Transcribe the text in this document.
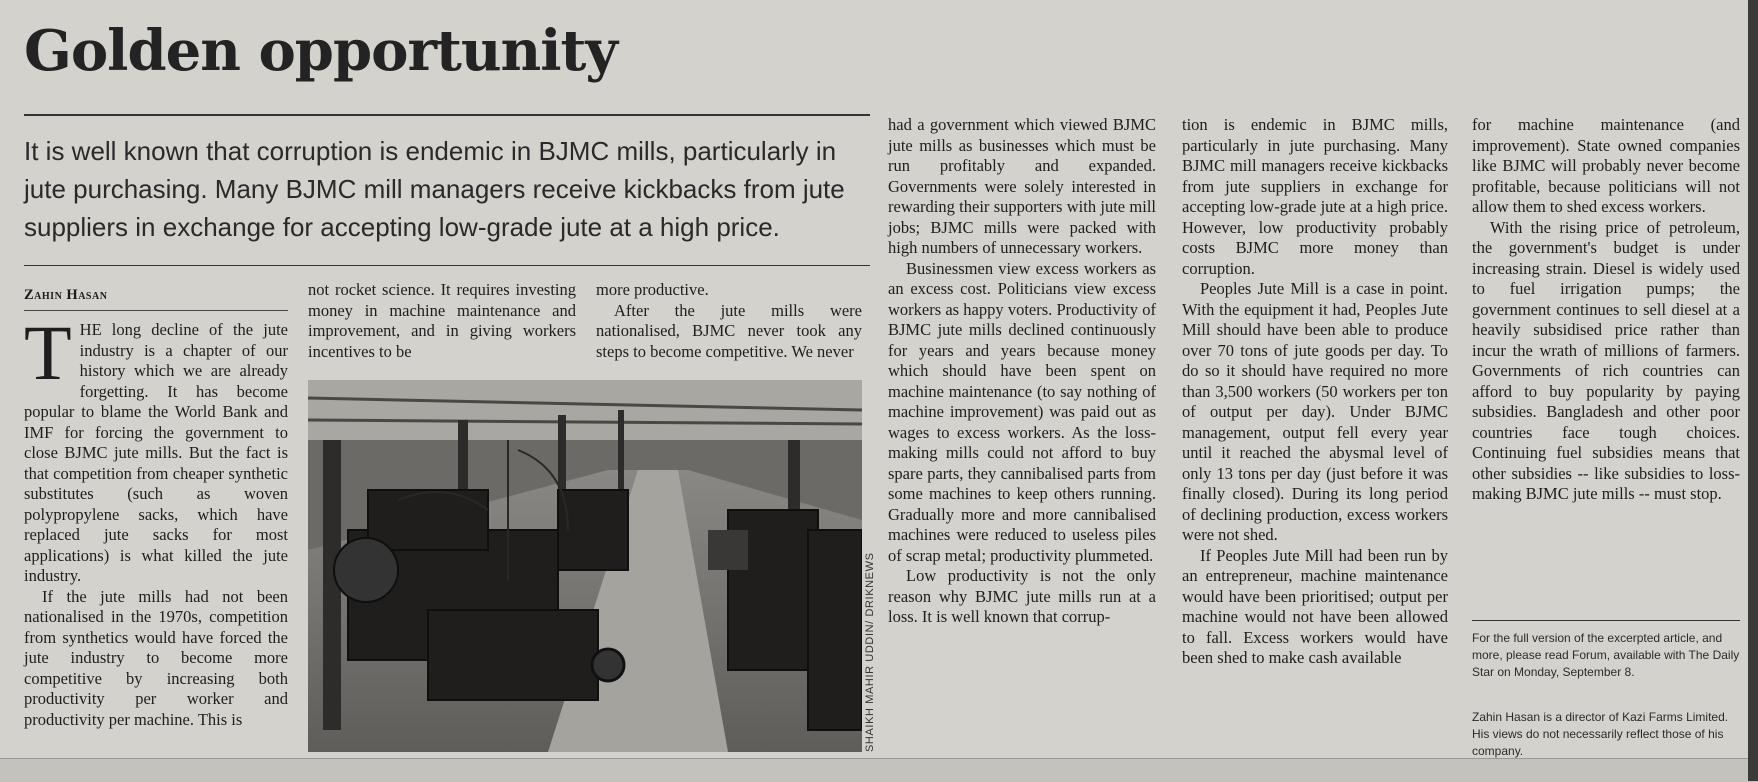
Golden opportunity

It is well known that corruption is endemic in BJMC mills, particularly in jute purchasing. Many BJMC mill managers receive kickbacks from jute suppliers in exchange for accepting low-grade jute at a high price.

Zahin Hasan

THE long decline of the jute industry is a chapter of our history which we are already forgetting. It has become popular to blame the World Bank and IMF for forcing the government to close BJMC jute mills. But the fact is that competition from cheaper synthetic substitutes (such as woven polypropylene sacks, which have replaced jute sacks for most applications) is what killed the jute industry.

If the jute mills had not been nationalised in the 1970s, competition from synthetics would have forced the jute industry to become more competitive by increasing both productivity per worker and productivity per machine. This is

not rocket science. It requires investing money in machine maintenance and improvement, and in giving workers incentives to be

more productive.

After the jute mills were nationalised, BJMC never took any steps to become competitive. We never

SHAIKH MAHIR UDDIN/ DRIKNEWS

had a government which viewed BJMC jute mills as businesses which must be run profitably and expanded. Governments were solely interested in rewarding their supporters with jute mill jobs; BJMC mills were packed with high numbers of unnecessary workers.

Businessmen view excess workers as an excess cost. Politicians view excess workers as happy voters. Productivity of BJMC jute mills declined continuously for years and years because money which should have been spent on machine maintenance (to say nothing of machine improvement) was paid out as wages to excess workers. As the loss-making mills could not afford to buy spare parts, they cannibalised parts from some machines to keep others running. Gradually more and more cannibalised machines were reduced to useless piles of scrap metal; productivity plummeted.

Low productivity is not the only reason why BJMC jute mills run at a loss. It is well known that corrup-

tion is endemic in BJMC mills, particularly in jute purchasing. Many BJMC mill managers receive kickbacks from jute suppliers in exchange for accepting low-grade jute at a high price. However, low productivity probably costs BJMC more money than corruption.

Peoples Jute Mill is a case in point. With the equipment it had, Peoples Jute Mill should have been able to produce over 70 tons of jute goods per day. To do so it should have required no more than 3,500 workers (50 workers per ton of output per day). Under BJMC management, output fell every year until it reached the abysmal level of only 13 tons per day (just before it was finally closed). During its long period of declining production, excess workers were not shed.

If Peoples Jute Mill had been run by an entrepreneur, machine maintenance would have been prioritised; output per machine would not have been allowed to fall. Excess workers would have been shed to make cash available

for machine maintenance (and improvement). State owned companies like BJMC will probably never become profitable, because politicians will not allow them to shed excess workers.

With the rising price of petroleum, the government's budget is under increasing strain. Diesel is widely used to fuel irrigation pumps; the government continues to sell diesel at a heavily subsidised price rather than incur the wrath of millions of farmers. Governments of rich countries can afford to buy popularity by paying subsidies. Bangladesh and other poor countries face tough choices. Continuing fuel subsidies means that other subsidies -- like subsidies to loss-making BJMC jute mills -- must stop.

For the full version of the excerpted article, and more, please read Forum, available with The Daily Star on Monday, September 8.

Zahin Hasan is a director of Kazi Farms Limited. His views do not necessarily reflect those of his company.
